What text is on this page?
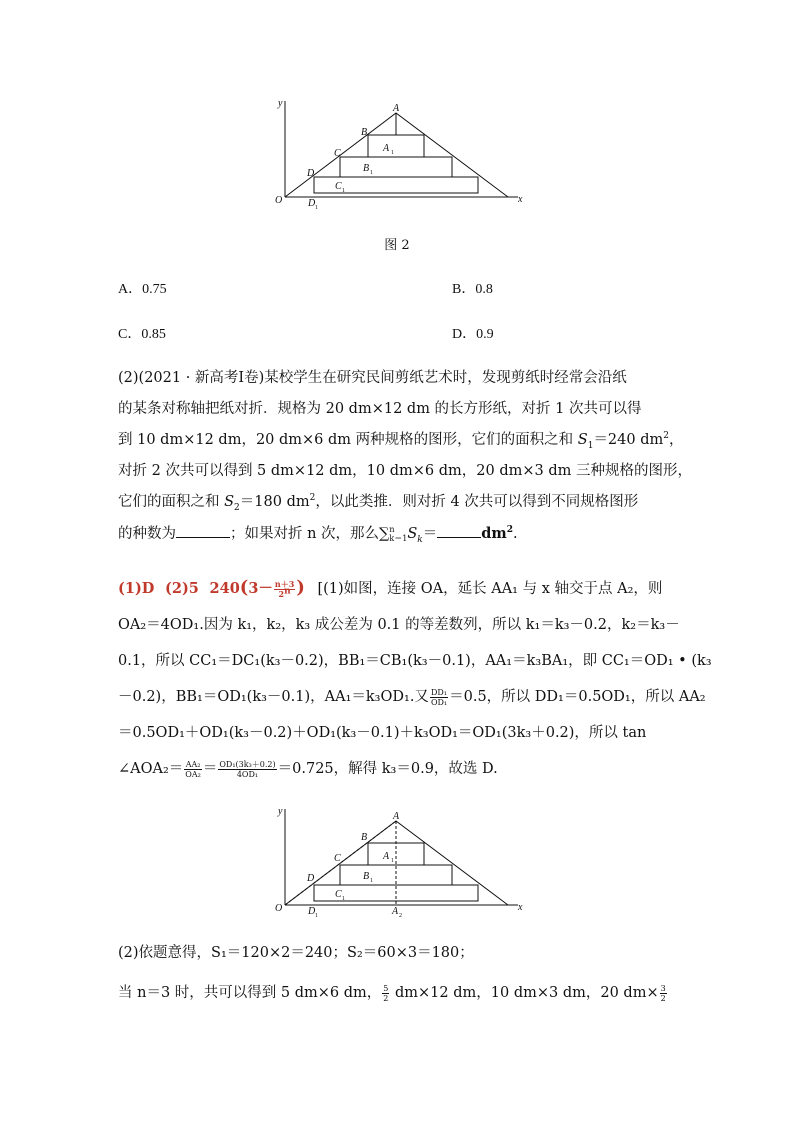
y
x
O
A
B
C
D
A 1
B 1
C 1
D 1
图 2
A．0.75	B．0.8
C．0.85	D．0.9
(2)(2021 · 新高考Ⅰ卷)某校学生在研究民间剪纸艺术时，发现剪纸时经常会沿纸
的某条对称轴把纸对折．规格为 20 dm×12 dm 的长方形纸，对折 1 次共可以得
到 10 dm×12 dm，20 dm×6 dm 两种规格的图形，它们的面积之和 $S_1=240$ $dm^2$，
对折 2 次共可以得到 5 dm×12 dm，10 dm×6 dm，20 dm×3 dm 三种规格的图形，
它们的面积之和 $S_2=180$ $dm^2$，以此类推．则对折 4 次共可以得到不同规格图形
的种数为	；如果对折 n 次，那么∑ n
k＝1 $S_k=$	$dm^2$.
(1)D (2)5 $240(3- \frac{n+3}{2^n}$ ) [(1)如图，连接 OA，延长 AA₁ 与 x 轴交于点 A₂，则
OA₂＝4OD₁.因为 k₁，k₂，k₃ 成公差为 0.1 的等差数列，所以 k₁＝k₃－0.2，k₂＝k₃－
0.1，所以 CC₁＝DC₁(k₃－0.2)，BB₁＝CB₁(k₃－0.1)，AA₁＝k₃BA₁，即 CC₁＝OD₁ • (k₃
－0.2)，BB₁＝OD₁(k₃－0.1)，AA₁＝k₃OD₁.又 $\frac{\text{DD₁}}{\text{OD₁}} =0.5$，所以 DD₁＝0.5OD₁，所以 AA₂
＝0.5OD₁＋OD₁(k₃－0.2)＋OD₁(k₃－0.1)＋k₃OD₁＝OD₁(3k₃＋0.2)，所以 tan
∠AOA₂＝ $\frac{\text{AA₂}}{\text{OA₂}} = \frac{\text{OD₁(3k₃＋0.2)}}{\text{4OD₁}} =0.725$，解得 k₃＝0.9，故选 D.
y
x
O
A
B
C
D
A 1
B 1
C 1
D 1	A 2
(2)依题意得，S₁＝120×2＝240；S₂＝60×3＝180；
当 n＝3 时，共可以得到 5 dm×6 dm， $\frac{5}{2} dm\times 12$ dm，10 dm×3 dm，20 $dm\times \frac{3}{2}$
